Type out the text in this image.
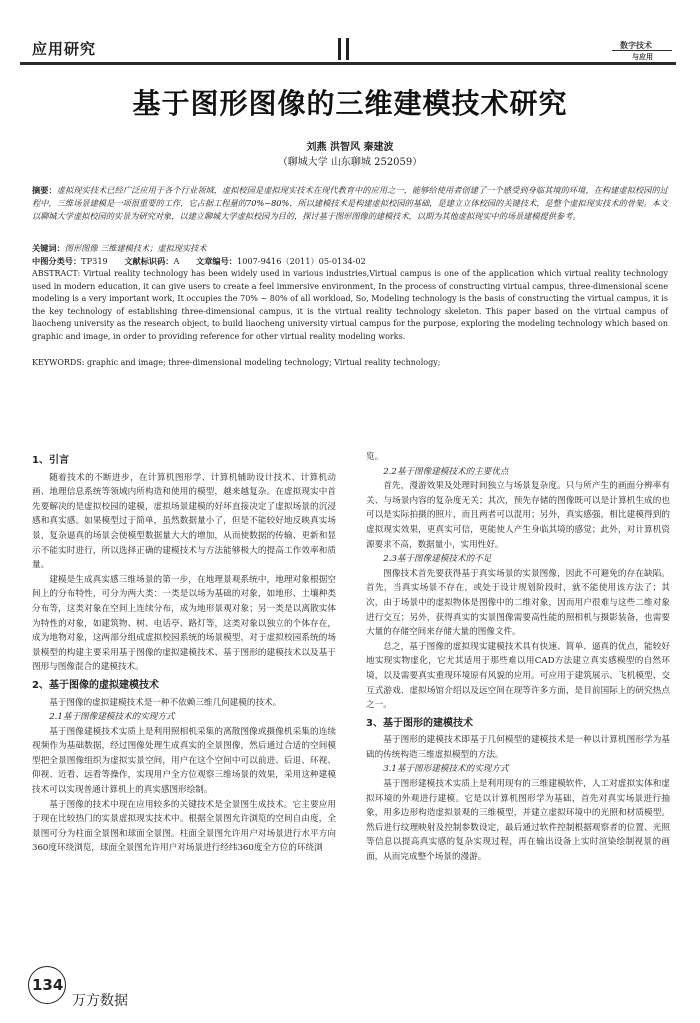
应用研究	数字技术
与应用
基于图形图像的三维建模技术研究
刘燕 洪智风 秦建波
（聊城大学 山东聊城 252059）
摘要：虚拟现实技术已经广泛应用于各个行业领域，虚拟校园是虚拟现实技术在现代教育中的应用之一，能够给使用者创建了一个感受到身临其境的环境，在构建虚拟校园的过程中，三维场景建模是一项很重要的工作，它占据工程量的70%~80%，所以建模技术是构建虚拟校园的基础，是建立立体校园的关键技术，是整个虚拟现实技术的骨架。本文以聊城大学虚拟校园的实景为研究对象，以建立聊城大学虚拟校园为目的，探讨基于图形图像的建模技术，以期为其他虚拟现实中的场景建模提供参考。
关键词：图形图像 三维建模技术；虚拟现实技术
中图分类号：TP319 文献标识码：A 文章编号：1007-9416（2011）05-0134-02
ABSTRACT: Virtual reality technology has been widely used in various industries,Virtual campus is one of the application which virtual reality technology used in modern education, it can give users to create a feel immersive environment, In the process of constructing virtual campus, three-dimensional scene modeling is a very important work, It occupies the 70% ~ 80% of all workload, So, Modeling technology is the basis of constructing the virtual campus, it is the key technology of establishing three-dimensional campus, it is the virtual reality technology skeleton. This paper based on the virtual campus of liaocheng university as the research object, to build liaocheng university virtual campus for the purpose, exploring the modeling technology which based on graphic and image, in order to providing reference for other virtual reality modeling works.
KEYWORDS: graphic and image; three-dimensional modeling technology; Virtual reality technology;
1、引言

随着技术的不断进步，在计算机图形学、计算机辅助设计技术、计算机动画、地理信息系统等领域内所构造和使用的模型，越来越复杂。在虚拟现实中首先要解决的是虚拟校园的建模，虚拟场景建模的好坏直接决定了虚拟场景的沉浸感和真实感。如果模型过于简单，虽然数据量小了，但是不能较好地反映真实场景，复杂逼真的场景会使模型数据量大大的增加，从而使数据的传输、更新和显示不能实时进行，所以选择正确的建模技术与方法能够极大的提高工作效率和质量。

建模是生成真实感三维场景的第一步，在地理景观系统中，地理对象根据空间上的分布特性，可分为两大类：一类是以场为基础的对象，如地形、土壤种类分布等，这类对象在空间上连续分布，成为地形景观对象；另一类是以离散实体为特性的对象，如建筑物、树、电话亭、路灯等，这类对象以独立的个体存在，成为地物对象，这两部分组成虚拟校园系统的场景模型，对于虚拟校园系统的场景模型的构建主要采用基于图像的虚拟建模技术、基于图形的建模技术以及基于图形与图像混合的建模技术。

2、基于图像的虚拟建模技术

基于图像的虚拟建模技术是一种不依赖三维几何建模的技术。

2.1基于图像建模技术的实现方式

基于图像建模技术实质上是利用照相机采集的离散图像或摄像机采集的连续视频作为基础数据，经过图像处理生成真实的全景图像，然后通过合适的空间模型把全景图像组织为虚拟实景空间，用户在这个空间中可以前进、后退、环视、仰视、近看、远看等操作，实现用户全方位观察三维场景的效果，采用这种建模技术可以实现普通计算机上的真实感图形绘制。

基于图像的技术中现在应用较多的关键技术是全景图生成技术。它主要应用于现在比较热门的实景虚拟现实技术中。根据全景图允许浏览的空间自由度，全景图可分为柱面全景图和球面全景图。柱面全景图允许用户对场景进行水平方向360度环绕浏览，球面全景图允许用户对场景进行经纬360度全方位的环绕浏

览。

2.2基于图像建模技术的主要优点

首先，漫游效果及处理时间独立与场景复杂度。只与所产生的画面分辨率有关、与场景内容的复杂度无关；其次，预先存储的图像既可以是计算机生成的也可以是实际拍摄的照片，而且两者可以混用；另外，真实感强，相比建模得到的虚拟现实效果，更真实可信，更能使人产生身临其境的感觉；此外，对计算机资源要求不高，数据量小，实用性好。

2.3基于图像建模技术的不足

图像技术首先要获得基于真实场景的实景图像，因此不可避免的存在缺陷。首先，当真实场景不存在，或处于设计规划阶段时，就不能使用该方法了；其次，由于场景中的虚拟物体是图像中的二维对象，因而用户很难与这些二维对象进行交互；另外，获得真实的实景图像需要高性能的照相机与摄影装备，也需要大量的存储空间来存储大量的图像文件。

总之，基于图像的虚拟现实建模技术具有快速、简单、逼真的优点，能较好地实现实物虚化，它尤其适用于那些难以用CAD方法建立真实感模型的自然环境，以及需要真实重现环境原有风貌的应用。可应用于建筑展示、飞机模型、交互式游戏、虚拟场馆介绍以及远空间在现等许多方面，是目前国际上的研究热点之一。

3、基于图形的建模技术

基于图形的建模技术即基于几何模型的建模技术是一种以计算机图形学为基础的传统构造三维虚拟模型的方法。

3.1基于图形建模技术的实现方式

基于图形建模技术实质上是利用现有的三维建模软件，人工对虚拟实体和虚拟环境的外观进行建模。它是以计算机图形学为基础，首先对真实场景进行抽象，用多边形构造虚拟景观的三维模型，并建立虚拟环境中的光照和材质模型。然后进行纹理映射及控制参数设定，最后通过软件控制根据观察者的位置、光照等信息以提高真实感的复杂实现过程，再在输出设备上实时渲染绘制视景的画面，从而完成整个场景的漫游。

134
万方数据
